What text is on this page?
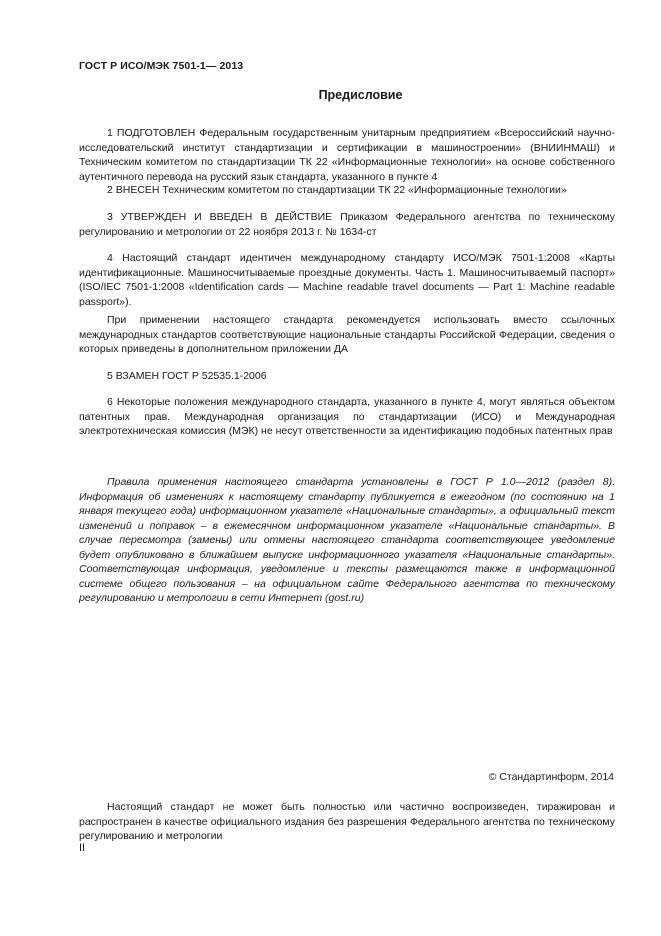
ГОСТ Р ИСО/МЭК 7501-1— 2013
Предисловие

1 ПОДГОТОВЛЕН Федеральным государственным унитарным предприятием «Всероссийский научно-исследовательский институт стандартизации и сертификации в машиностроении» (ВНИИНМАШ) и Техническим комитетом по стандартизации ТК 22 «Информационные технологии» на основе собственного аутентичного перевода на русский язык стандарта, указанного в пункте 4

2 ВНЕСЕН Техническим комитетом по стандартизации ТК 22 «Информационные технологии»

3 УТВЕРЖДЕН И ВВЕДЕН В ДЕЙСТВИЕ Приказом Федерального агентства по техническому регулированию и метрологии от 22 ноября 2013 г. № 1634-ст

4 Настоящий стандарт идентичен международному стандарту ИСО/МЭК 7501-1:2008 «Карты идентификационные. Машиносчитываемые проездные документы. Часть 1. Машиносчитываемый паспорт» (ISO/IEC 7501-1:2008 «Identification cards — Machine readable travel documents — Part 1: Machine readable passport»).

При применении настоящего стандарта рекомендуется использовать вместо ссылочных международных стандартов соответствующие национальные стандарты Российской Федерации, сведения о которых приведены в дополнительном приложении ДА

5 ВЗАМЕН ГОСТ Р 52535.1-2006

6 Некоторые положения международного стандарта, указанного в пункте 4, могут являться объектом патентных прав. Международная организация по стандартизации (ИСО) и Международная электротехническая комиссия (МЭК) не несут ответственности за идентификацию подобных патентных прав

Правила применения настоящего стандарта установлены в ГОСТ Р 1.0—2012 (раздел 8). Информация об изменениях к настоящему стандарту публикуется в ежегодном (по состоянию на 1 января текущего года) информационном указателе «Национальные стандарты», а официальный текст изменений и поправок – в ежемесячном информационном указателе «Национальные стандарты». В случае пересмотра (замены) или отмены настоящего стандарта соответствующее уведомление будет опубликовано в ближайшем выпуске информационного указателя «Национальные стандарты». Соответствующая информация, уведомление и тексты размещаются также в информационной системе общего пользования – на официальном сайте Федерального агентства по техническому регулированию и метрологии в сети Интернет (gost.ru)

© Стандартинформ, 2014

Настоящий стандарт не может быть полностью или частично воспроизведен, тиражирован и распространен в качестве официального издания без разрешения Федерального агентства по техническому регулированию и метрологии

II
